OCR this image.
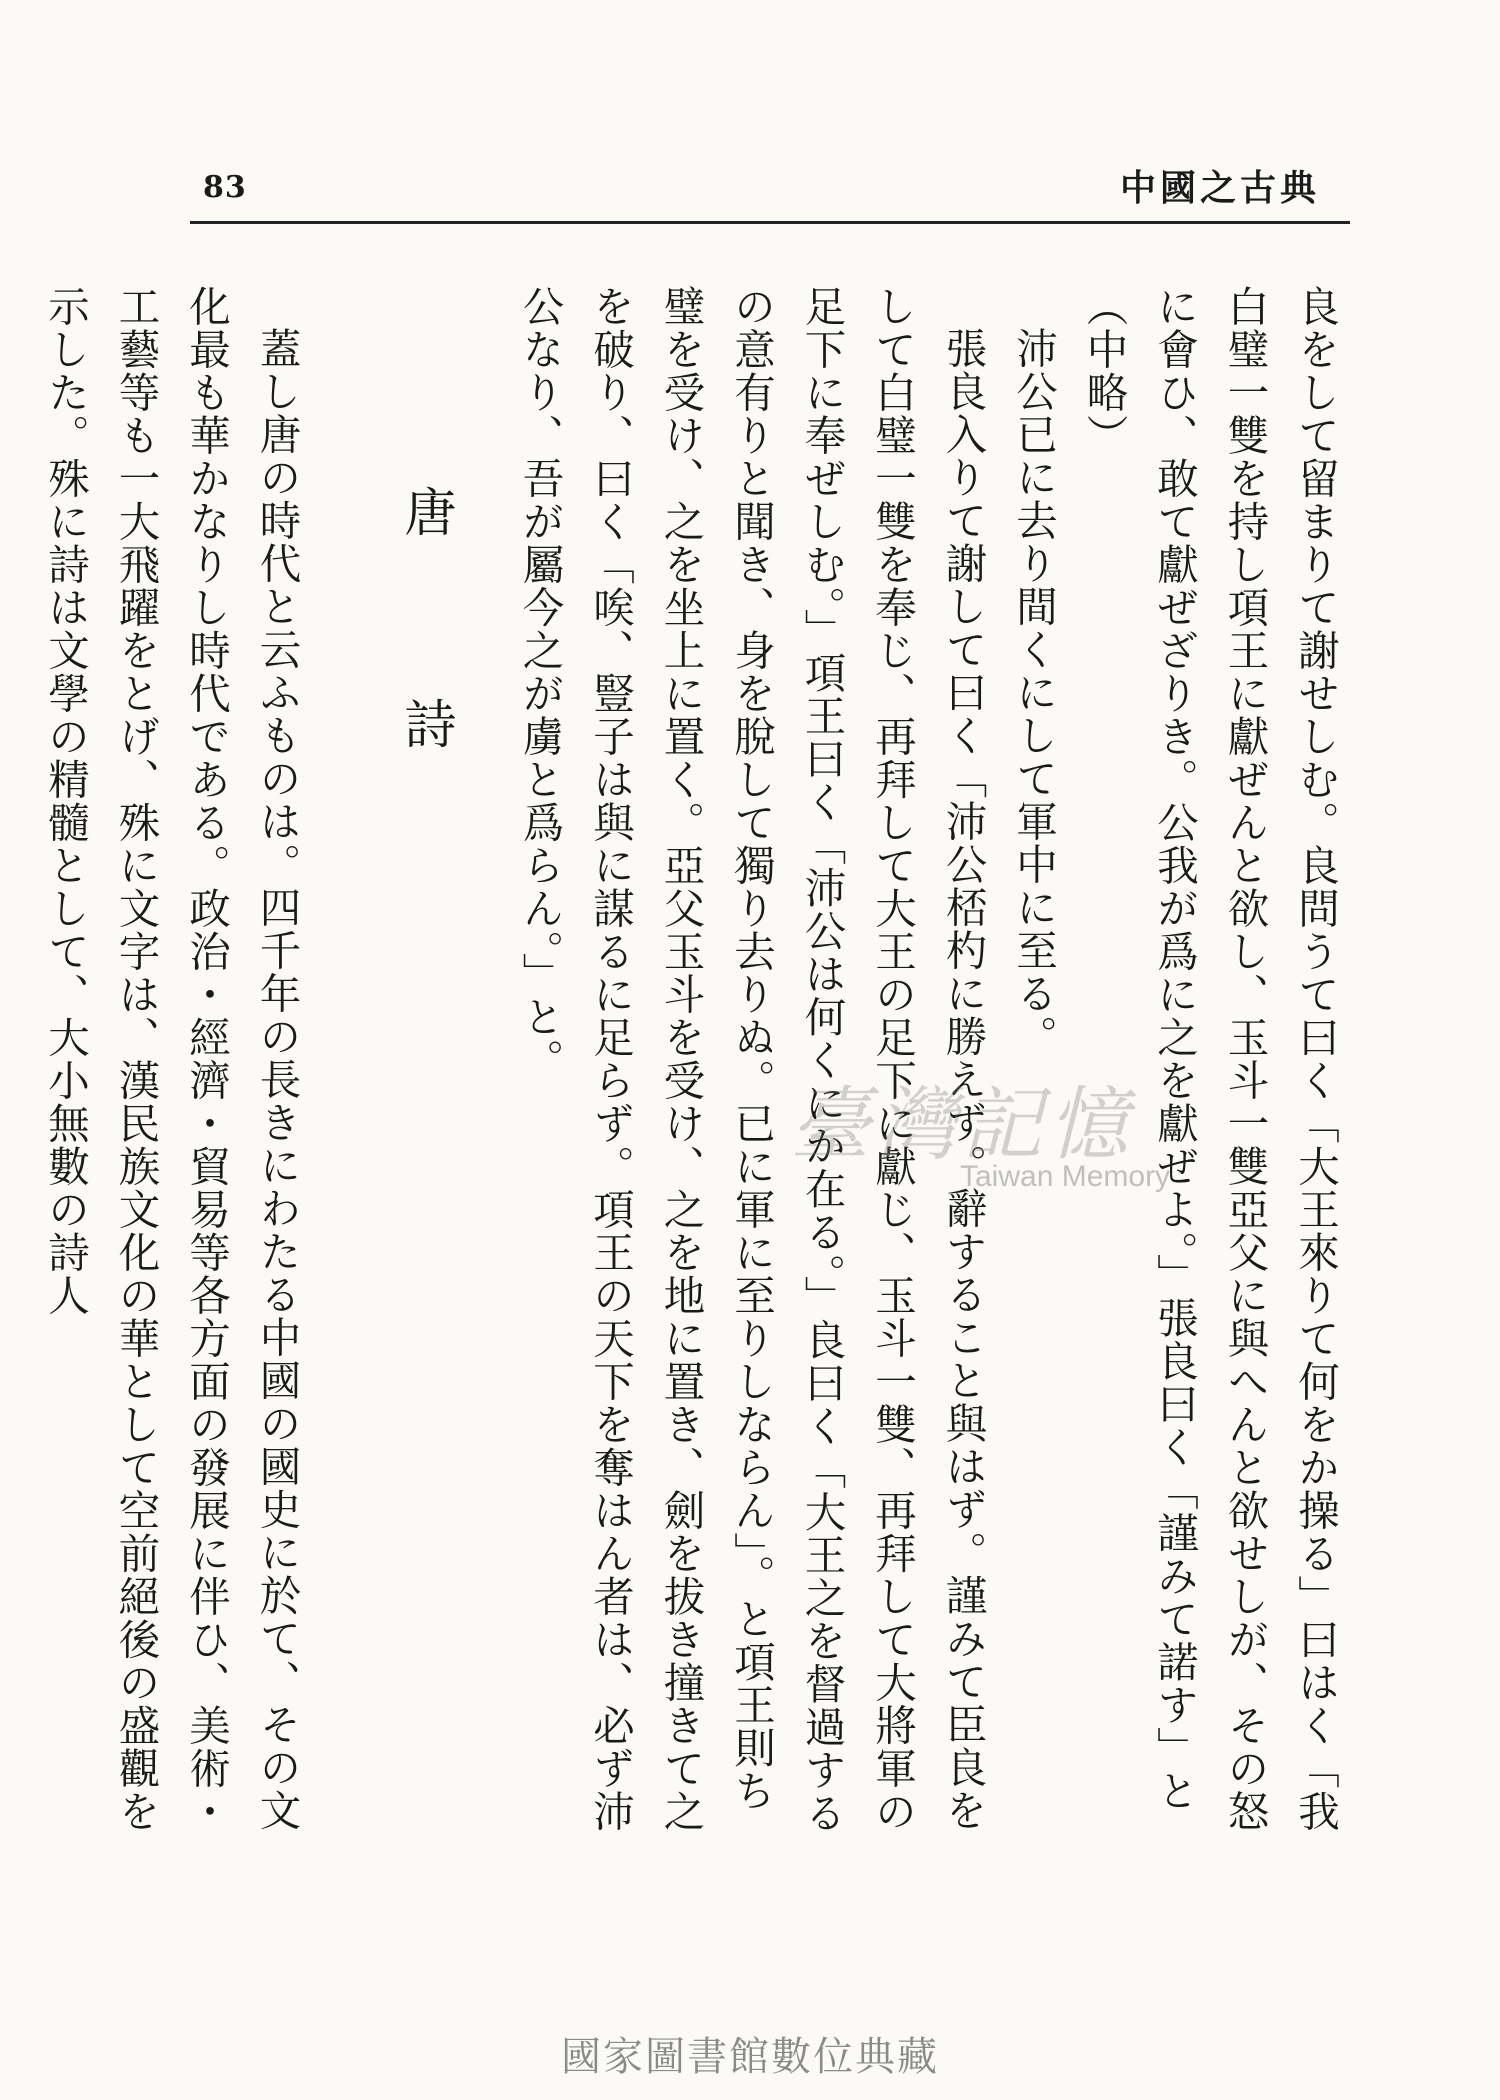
83	中國之古典

良をして留まりて謝せしむ。良問うて曰く「大王來りて何をか操る」曰はく「我白璧一雙を持し項王に獻ぜんと欲し、玉斗一雙亞父に與へんと欲せしが、その怒に會ひ、敢て獻ぜざりき。公我が爲に之を獻ぜよ。」張良曰く「謹みて諾す」と（中略）

沛公已に去り間くにして軍中に至る。

張良入りて謝して曰く「沛公桮杓に勝えず。辭すること與はず。謹みて臣良をして白璧一雙を奉じ、再拜して大王の足下に獻じ、玉斗一雙、再拜して大將軍の足下に奉ぜしむ。」項王曰く「沛公は何くにか在る。」良曰く「大王之を督過するの意有りと聞き、身を脫して獨り去りぬ。已に軍に至りしならん」。と項王則ち璧を受け、之を坐上に置く。亞父玉斗を受け、之を地に置き、劍を拔き撞きて之を破り、曰く「唉、豎子は與に謀るに足らず。項王の天下を奪はん者は、必ず沛公なり、吾が屬今之が虜と爲らん。」と。

唐詩

蓋し唐の時代と云ふものは。四千年の長きにわたる中國の國史に於て、その文化最も華かなりし時代である。政治・經濟・貿易等各方面の發展に伴ひ、美術・工藝等も一大飛躍をとげ、殊に文字は、漢民族文化の華として空前絕後の盛觀を示した。殊に詩は文學の精髓として、大小無數の詩人	臺灣記憶
Taiwan Memory
國家圖書館數位典藏
